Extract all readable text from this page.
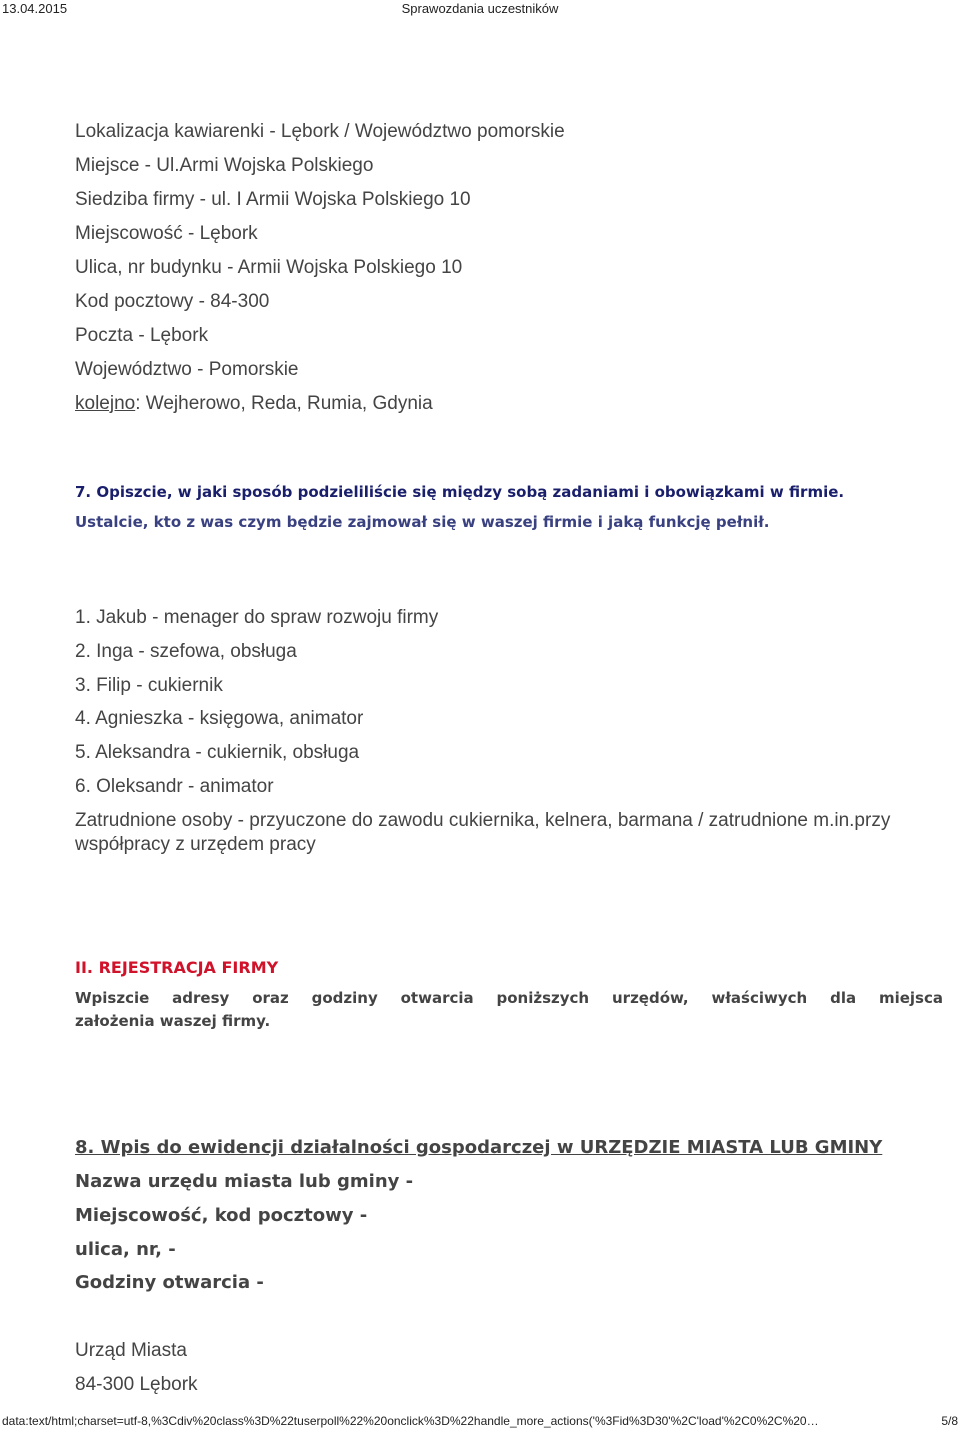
13.04.2015	Sprawozdania uczestników
Lokalizacja kawiarenki - Lębork / Województwo pomorskie
Miejsce - Ul.Armi Wojska Polskiego
Siedziba firmy - ul. I Armii Wojska Polskiego 10
Miejscowość - Lębork
Ulica, nr budynku - Armii Wojska Polskiego 10
Kod pocztowy - 84-300
Poczta - Lębork
Województwo - Pomorskie
kolejno: Wejherowo, Reda, Rumia, Gdynia
7. Opiszcie, w jaki sposób podzieliliście się między sobą zadaniami i obowiązkami w firmie.
Ustalcie, kto z was czym będzie zajmował się w waszej firmie i jaką funkcję pełnił.
1. Jakub - menager do spraw rozwoju firmy
2. Inga - szefowa, obsługa
3. Filip - cukiernik
4. Agnieszka - księgowa, animator
5. Aleksandra - cukiernik, obsługa
6. Oleksandr - animator
Zatrudnione osoby - przyuczone do zawodu cukiernika, kelnera, barmana / zatrudnione m.in.przy
współpracy z urzędem pracy
II. REJESTRACJA FIRMY
Wpiszcie adresy oraz godziny otwarcia poniższych urzędów, właściwych dla miejsca
założenia waszej firmy.
8. Wpis do ewidencji działalności gospodarczej w URZĘDZIE MIASTA LUB GMINY
Nazwa urzędu miasta lub gminy -
Miejscowość, kod pocztowy -
ulica, nr, -
Godziny otwarcia -
Urząd Miasta
84-300 Lębork
data:text/html;charset=utf-8,%3Cdiv%20class%3D%22tuserpoll%22%20onclick%3D%22handle_more_actions('%3Fid%3D30'%2C'load'%2C0%2C%20…	5/8
